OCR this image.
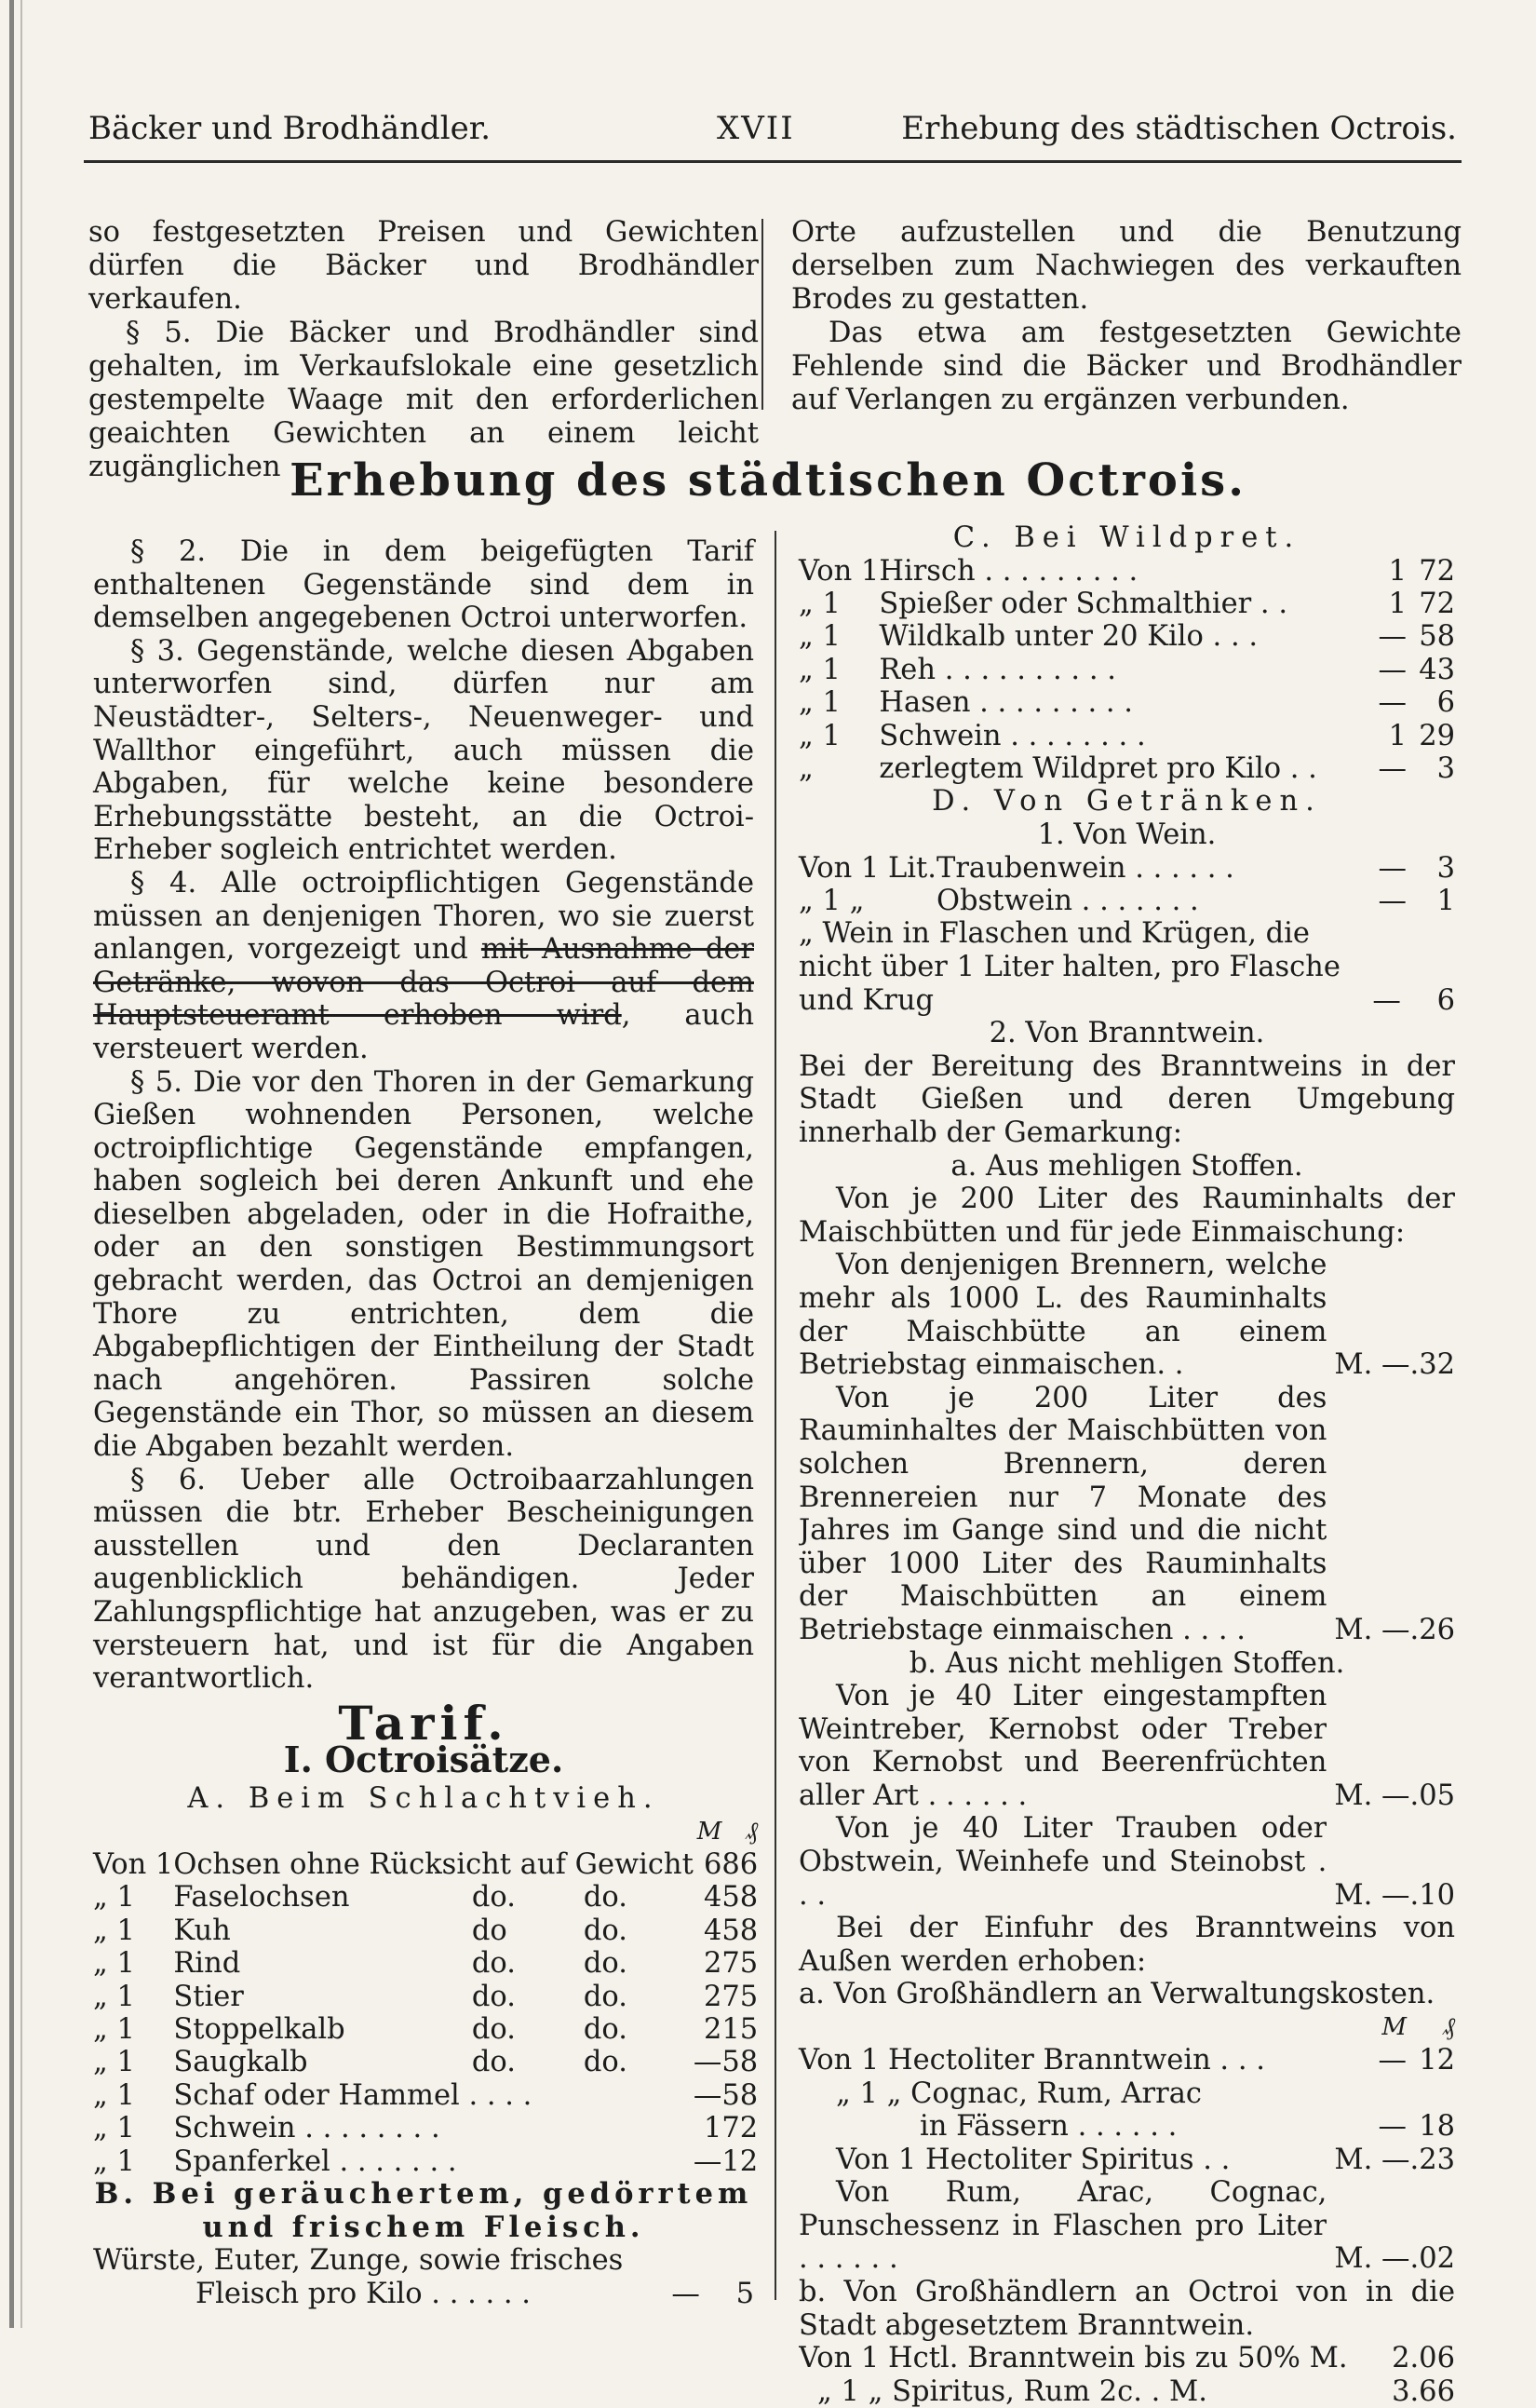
Bäcker und Brodhändler.	XVII	Erhebung des städtischen Octrois.

so festgesetzten Preisen und Gewichten dürfen die Bäcker und Brodhändler verkaufen.

§ 5. Die Bäcker und Brodhändler sind gehalten, im Verkaufslokale eine gesetzlich gestempelte Waage mit den erforderlichen geaichten Gewichten an einem leicht zugänglichen

Orte aufzustellen und die Benutzung derselben zum Nachwiegen des verkauften Brodes zu gestatten.

Das etwa am festgesetzten Gewichte Fehlende sind die Bäcker und Brodhändler auf Verlangen zu ergänzen verbunden.

Erhebung des städtischen Octrois.

§ 2. Die in dem beigefügten Tarif enthaltenen Gegenstände sind dem in demselben angegebenen Octroi unterworfen.

§ 3. Gegenstände, welche diesen Abgaben unterworfen sind, dürfen nur am Neustädter-, Selters-, Neuenweger- und Wallthor eingeführt, auch müssen die Abgaben, für welche keine besondere Erhebungsstätte besteht, an die Octroi-Erheber sogleich entrichtet werden.

§ 4. Alle octroipflichtigen Gegenstände müssen an denjenigen Thoren, wo sie zuerst anlangen, vorgezeigt und mit Ausnahme der Getränke, wovon das Octroi auf dem Hauptsteueramt erhoben wird, auch versteuert werden.

§ 5. Die vor den Thoren in der Gemarkung Gießen wohnenden Personen, welche octroipflichtige Gegenstände empfangen, haben sogleich bei deren Ankunft und ehe dieselben abgeladen, oder in die Hofraithe, oder an den sonstigen Bestimmungsort gebracht werden, das Octroi an demjenigen Thore zu entrichten, dem die Abgabepflichtigen der Eintheilung der Stadt nach angehören. Passiren solche Gegenstände ein Thor, so müssen an diesem die Abgaben bezahlt werden.

§ 6. Ueber alle Octroibaarzahlungen müssen die btr. Erheber Bescheinigungen ausstellen und den Declaranten augenblicklich behändigen. Jeder Zahlungspflichtige hat anzugeben, was er zu versteuern hat, und ist für die Angaben verantwortlich.

Tarif.
I. Octroisätze.

A. Beim Schlachtvieh.

				M	₰
Von 1	Ochsen ohne Rücksicht auf Gewicht			6	86
„ 1	Faselochsen	do.	do.	4	58
„ 1	Kuh	do	do.	4	58
„ 1	Rind	do.	do.	2	75
„ 1	Stier	do.	do.	2	75
„ 1	Stoppelkalb	do.	do.	2	15
„ 1	Saugkalb	do.	do.	—	58
„ 1	Schaf oder Hammel . . . .			—	58
„ 1	Schwein . . . . . . . .			1	72
„ 1	Spanferkel . . . . . . .			—	12

B. Bei geräuchertem, gedörrtem und frischem Fleisch.

Würste, Euter, Zunge, sowie frisches

Fleisch pro Kilo . . . . . .	— 5

C. Bei Wildpret.

Von 1	Hirsch . . . . . . . . .	1	72
„ 1	Spießer oder Schmalthier . .	1	72
„ 1	Wildkalb unter 20 Kilo . . .	—	58
„ 1	Reh . . . . . . . . . .	—	43
„ 1	Hasen . . . . . . . . .	—	6
„ 1	Schwein . . . . . . . .	1	29
„	zerlegtem Wildpret pro Kilo . .	—	3

D. Von Getränken.

1. Von Wein.

Von 1 Lit.	Traubenwein . . . . . .	—	3
„ 1 „	Obstwein . . . . . . .	—	1
„ Wein in Flaschen und Krügen, die nicht über 1 Liter halten, pro Flasche und Krug	— 6

2. Von Branntwein.

Bei der Bereitung des Branntweins in der Stadt Gießen und deren Umgebung innerhalb der Gemarkung:

a. Aus mehligen Stoffen.

Von je 200 Liter des Rauminhalts der Maischbütten und für jede Einmaischung:

Von denjenigen Brennern, welche mehr als 1000 L. des Rauminhalts der Maischbütte an einem Betriebstag einmaischen. .	M. —.32
Von je 200 Liter des Rauminhaltes der Maischbütten von solchen Brennern, deren Brennereien nur 7 Monate des Jahres im Gange sind und die nicht über 1000 Liter des Rauminhalts der Maischbütten an einem Betriebstage einmaischen . . . .	M. —.26

b. Aus nicht mehligen Stoffen.

Von je 40 Liter eingestampften Weintreber, Kernobst oder Treber von Kernobst und Beerenfrüchten aller Art . . . . . .	M. —.05
Von je 40 Liter Trauben oder Obstwein, Weinhefe und Steinobst . . .	M. —.10

Bei der Einfuhr des Branntweins von Außen werden erhoben:

a. Von Großhändlern an Verwaltungskosten.

	M	₰
Von 1 Hectoliter Branntwein . . .	—	12
„ 1 „ Cognac, Rum, Arrac		
in Fässern . . . . . .	—	18
Von 1 Hectoliter Spiritus . .	M. —.23
Von Rum, Arac, Cognac, Punschessenz in Flaschen pro Liter . . . . . .	M. —.02

b. Von Großhändlern an Octroi von in die Stadt abgesetztem Branntwein.

Von 1 Hctl. Branntwein bis zu 50% M.	2.06
„ 1 „ Spiritus, Rum 2c. . M.	3.66
